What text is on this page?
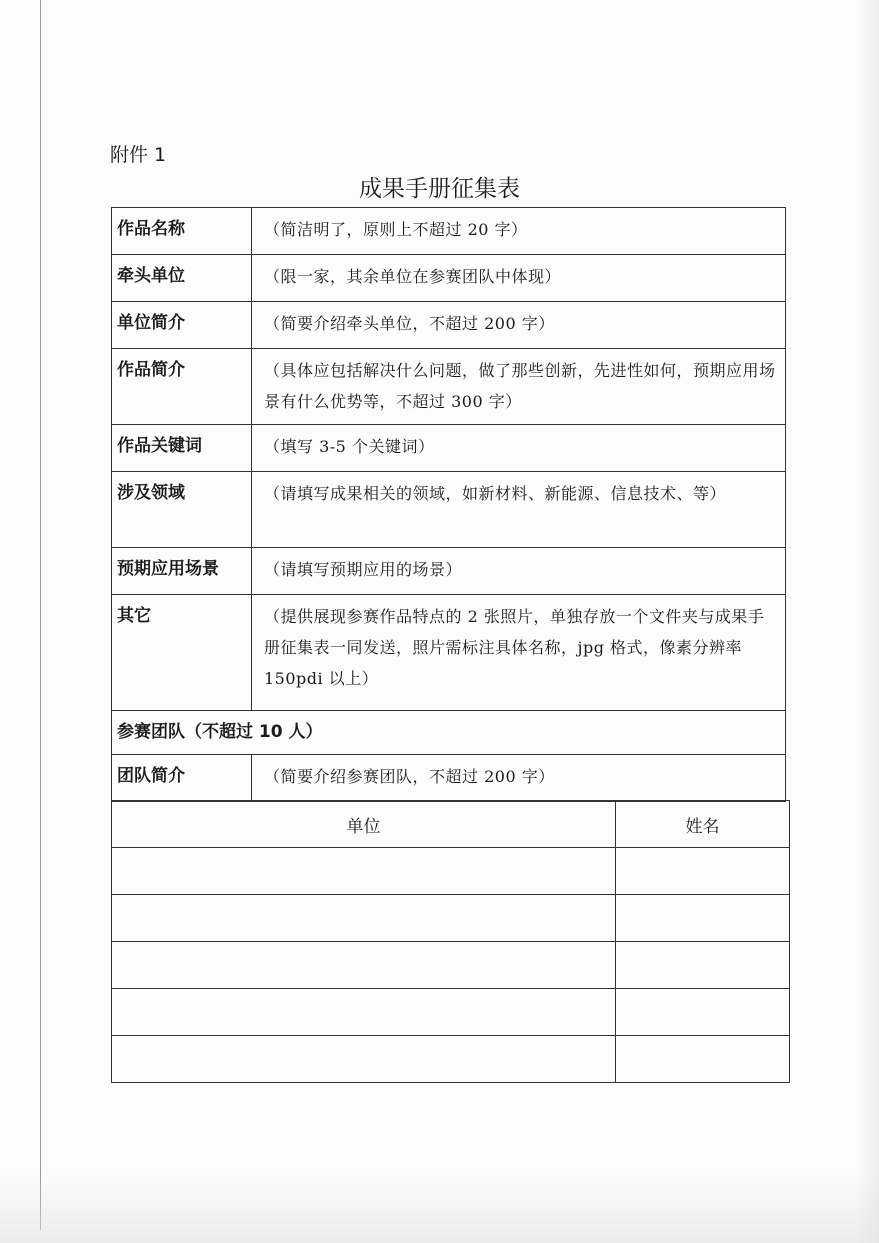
附件 1
成果手册征集表
作品名称	（简洁明了，原则上不超过 20 字）
牵头单位	（限一家，其余单位在参赛团队中体现）
单位简介	（简要介绍牵头单位，不超过 200 字）
作品简介	（具体应包括解决什么问题，做了那些创新，先进性如何，预期应用场景有什么优势等，不超过 300 字）
作品关键词	（填写 3-5 个关键词）
涉及领域	（请填写成果相关的领域，如新材料、新能源、信息技术、等）
预期应用场景	（请填写预期应用的场景）
其它	（提供展现参赛作品特点的 2 张照片，单独存放一个文件夹与成果手册征集表一同发送，照片需标注具体名称，jpg 格式，像素分辨率 150pdi 以上）
参赛团队（不超过 10 人）	
团队简介	（简要介绍参赛团队，不超过 200 字）
单位	姓名
